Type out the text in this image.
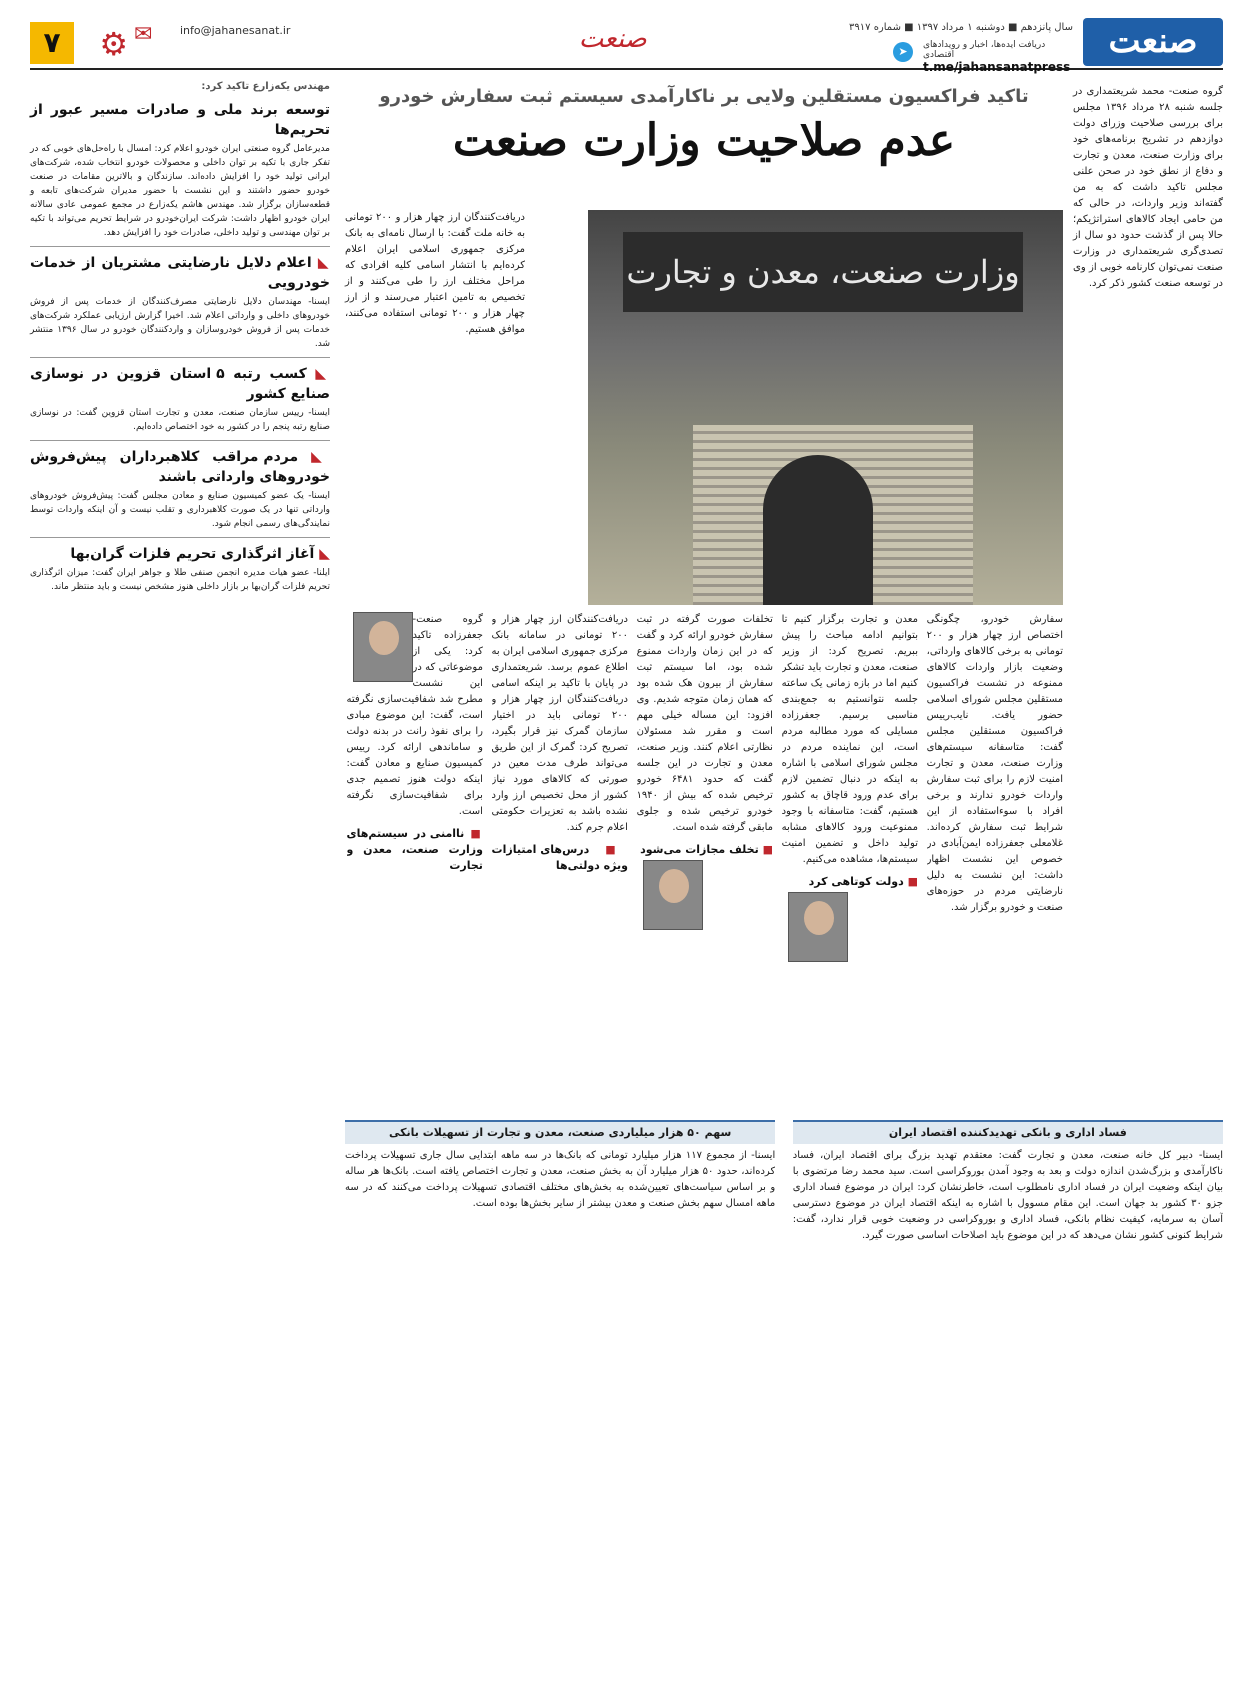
صنعت
سال پانزدهم ■ دوشنبه ۱ مرداد ۱۳۹۷ ■ شماره ۳۹۱۷
➤	دریافت ایده‌ها، اخبار و رویدادهای اقتصادی
t.me/jahansanatpress
صنعت
info@jahanesanat.ir
✉
⚙
۷

گروه صنعت- محمد شریعتمداری در جلسه شنبه ۲۸ مرداد ۱۳۹۶ مجلس برای بررسی صلاحیت وزرای دولت دوازدهم در تشریح برنامه‌های خود برای وزارت صنعت، معدن و تجارت و دفاع از نطق خود در صحن علنی مجلس تاکید داشت که به من گفته‌اند وزیر واردات، در حالی که من حامی ایجاد کالاهای استراتژیکم؛ حالا پس از گذشت حدود دو سال از تصدی‌گری شریعتمداری در وزارت صنعت نمی‌توان کارنامه خوبی از وی در توسعه صنعت کشور ذکر کرد.

تاکید فراکسیون مستقلین ولایی بر ناکارآمدی سیستم ثبت سفارش خودرو
عدم صلاحیت وزارت صنعت
وزارت صنعت، معدن و تجارت

دریافت‌کنندگان ارز چهار هزار و ۲۰۰ تومانی به خانه ملت گفت: با ارسال نامه‌ای به بانک مرکزی جمهوری اسلامی ایران اعلام کرده‌ایم با انتشار اسامی کلیه افرادی که مراحل مختلف ارز را طی می‌کنند و از تخصیص به تامین اعتبار می‌رسند و از ارز چهار هزار و ۲۰۰ تومانی استفاده می‌کنند، موافق هستیم.

سفارش خودرو، چگونگی اختصاص ارز چهار هزار و ۲۰۰ تومانی به برخی کالاهای وارداتی، وضعیت بازار واردات کالاهای ممنوعه در نشست فراکسیون مستقلین مجلس شورای اسلامی حضور یافت. نایب‌رییس فراکسیون مستقلین مجلس گفت: متاسفانه سیستم‌های وزارت صنعت، معدن و تجارت امنیت لازم را برای ثبت سفارش واردات خودرو ندارند و برخی افراد با سوءاستفاده از این شرایط ثبت سفارش کرده‌اند. غلامعلی جعفرزاده ایمن‌آبادی در خصوص این نشست اظهار داشت: این نشست به دلیل نارضایتی مردم در حوزه‌های صنعت و خودرو برگزار شد.

معدن و تجارت برگزار کنیم تا بتوانیم ادامه مباحث را پیش ببریم. تصریح کرد: از وزیر صنعت، معدن و تجارت باید تشکر کنیم اما در بازه زمانی یک ساعته جلسه نتوانستیم به جمع‌بندی مناسبی برسیم. جعفرزاده مسایلی که مورد مطالبه مردم است، این نماینده مردم در مجلس شورای اسلامی با اشاره به اینکه در دنبال تضمین لازم برای عدم ورود قاچاق به کشور هستیم، گفت: متاسفانه با وجود ممنوعیت ورود کالاهای مشابه تولید داخل و تضمین امنیت سیستم‌ها، مشاهده می‌کنیم.

■ دولت کوتاهی کرد

تخلفات صورت گرفته در ثبت سفارش خودرو ارائه کرد و گفت که در این زمان واردات ممنوع شده بود، اما سیستم ثبت سفارش از بیرون هک شده بود که همان زمان متوجه شدیم. وی افزود: این مساله خیلی مهم است و مقرر شد مسئولان نظارتی اعلام کنند. وزیر صنعت، معدن و تجارت در این جلسه گفت که حدود ۶۴۸۱ خودرو ترخیص شده که بیش از ۱۹۴۰ خودرو ترخیص شده و جلوی مابقی گرفته شده است.

■ تخلف مجازات می‌شود

دریافت‌کنندگان ارز چهار هزار و ۲۰۰ تومانی در سامانه بانک مرکزی جمهوری اسلامی ایران به اطلاع عموم برسد. شریعتمداری در پایان با تاکید بر اینکه اسامی دریافت‌کنندگان ارز چهار هزار و ۲۰۰ تومانی باید در اختیار سازمان گمرک نیز قرار بگیرد، تصریح کرد: گمرک از این طریق می‌تواند طرف مدت معین در صورتی که کالاهای مورد نیاز کشور از محل تخصیص ارز وارد نشده باشد به تعزیرات حکومتی اعلام جرم کند.

■ درس‌های امتیازات ویژه دولتی‌ها

گروه صنعت- جعفرزاده تاکید کرد: یکی از موضوعاتی که در این نشست مطرح شد شفافیت‌سازی نگرفته است، گفت: این موضوع مبادی را برای نفوذ رانت در بدنه دولت و ساماندهی ارائه کرد. رییس کمیسیون صنایع و معادن گفت: اینکه دولت هنوز تصمیم جدی برای شفافیت‌سازی نگرفته است.

■ ناامنی در سیستم‌های وزارت صنعت، معدن و تجارت
مهندس یکه‌زارع تاکید کرد:
توسعه برند ملی و صادرات مسیر عبور از تحریم‌ها

مدیرعامل گروه صنعتی ایران خودرو اعلام کرد: امسال با راه‌حل‌های خوبی که در تفکر جاری با تکیه بر توان داخلی و محصولات خودرو انتخاب شده، شرکت‌های ایرانی تولید خود را افزایش داده‌اند. سازندگان و بالاترین مقامات در صنعت خودرو حضور داشتند و این نشست با حضور مدیران شرکت‌های تابعه و قطعه‌سازان برگزار شد. مهندس هاشم یکه‌زارع در مجمع عمومی عادی سالانه ایران خودرو اظهار داشت: شرکت ایران‌خودرو در شرایط تحریم می‌تواند با تکیه بر توان مهندسی و تولید داخلی، صادرات خود را افزایش دهد.

◣ اعلام دلایل نارضایتی مشتریان از خدمات خودرویی

ایسنا- مهندسان دلایل نارضایتی مصرف‌کنندگان از خدمات پس از فروش خودروهای داخلی و وارداتی اعلام شد. اخیرا گزارش ارزیابی عملکرد شرکت‌های خدمات پس از فروش خودروسازان و واردکنندگان خودرو در سال ۱۳۹۶ منتشر شد.

◣ کسب رتبه ۵ استان قزوین در نوسازی صنایع کشور

ایسنا- رییس سازمان صنعت، معدن و تجارت استان قزوین گفت: در نوسازی صنایع رتبه پنجم را در کشور به خود اختصاص داده‌ایم.

◣ مردم مراقب کلاهبرداران پیش‌فروش خودروهای وارداتی باشند

ایسنا- یک عضو کمیسیون صنایع و معادن مجلس گفت: پیش‌فروش خودروهای وارداتی تنها در یک صورت کلاهبرداری و تقلب نیست و آن اینکه واردات توسط نمایندگی‌های رسمی انجام شود.

◣ آغاز اثرگذاری تحریم فلزات گران‌بها

ایلنا- عضو هیات مدیره انجمن صنفی طلا و جواهر ایران گفت: میزان اثرگذاری تحریم فلزات گران‌بها بر بازار داخلی هنوز مشخص نیست و باید منتظر ماند.

فساد اداری و بانکی تهدیدکننده اقتصاد ایران

ایسنا- دبیر کل خانه صنعت، معدن و تجارت گفت: معتقدم تهدید بزرگ برای اقتصاد ایران، فساد ناکارآمدی و بزرگ‌شدن اندازه دولت و بعد به وجود آمدن بوروکراسی است. سید محمد رضا مرتضوی با بیان اینکه وضعیت ایران در فساد اداری نامطلوب است، خاطرنشان کرد: ایران در موضوع فساد اداری جزو ۳۰ کشور بد جهان است. این مقام مسوول با اشاره به اینکه اقتصاد ایران در موضوع دسترسی آسان به سرمایه، کیفیت نظام بانکی، فساد اداری و بوروکراسی در وضعیت خوبی قرار ندارد، گفت: شرایط کنونی کشور نشان می‌دهد که در این موضوع باید اصلاحات اساسی صورت گیرد.

سهم ۵۰ هزار میلیاردی صنعت، معدن و تجارت از تسهیلات بانکی

ایسنا- از مجموع ۱۱۷ هزار میلیارد تومانی که بانک‌ها در سه ماهه ابتدایی سال جاری تسهیلات پرداخت کرده‌اند، حدود ۵۰ هزار میلیارد آن به بخش صنعت، معدن و تجارت اختصاص یافته است. بانک‌ها هر ساله و بر اساس سیاست‌های تعیین‌شده به بخش‌های مختلف اقتصادی تسهیلات پرداخت می‌کنند که در سه ماهه امسال سهم بخش صنعت و معدن بیشتر از سایر بخش‌ها بوده است.
